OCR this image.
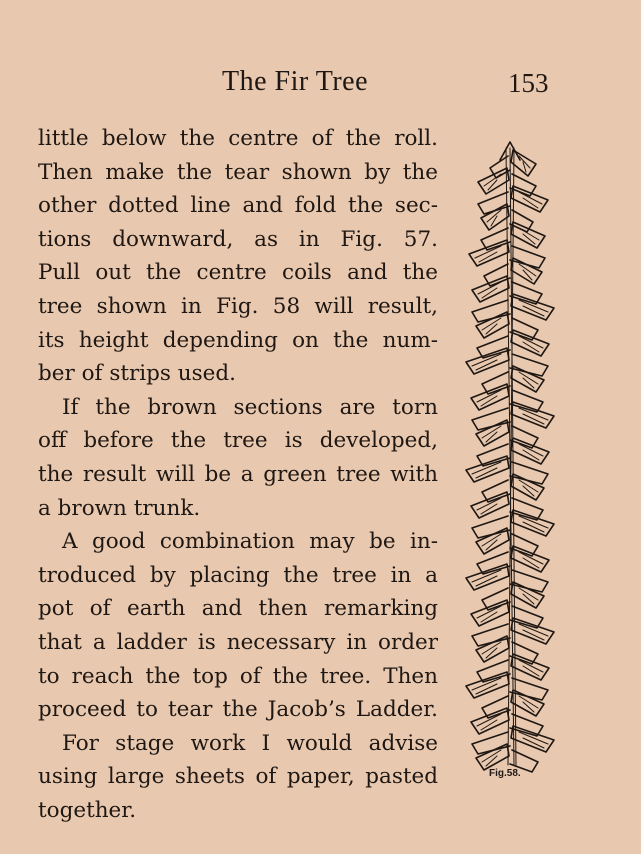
The Fir Tree	153
little below the centre of the roll.
Then make the tear shown by the
other dotted line and fold the sec-
tions downward, as in Fig. 57.
Pull out the centre coils and the
tree shown in Fig. 58 will result,
its height depending on the num-
ber of strips used.
If the brown sections are torn
off before the tree is developed,
the result will be a green tree with
a brown trunk.
A good combination may be in-
troduced by placing the tree in a
pot of earth and then remarking
that a ladder is necessary in order
to reach the top of the tree. Then
proceed to tear the Jacob’s Ladder.
For stage work I would advise
using large sheets of paper, pasted
together.
Fig.58.
